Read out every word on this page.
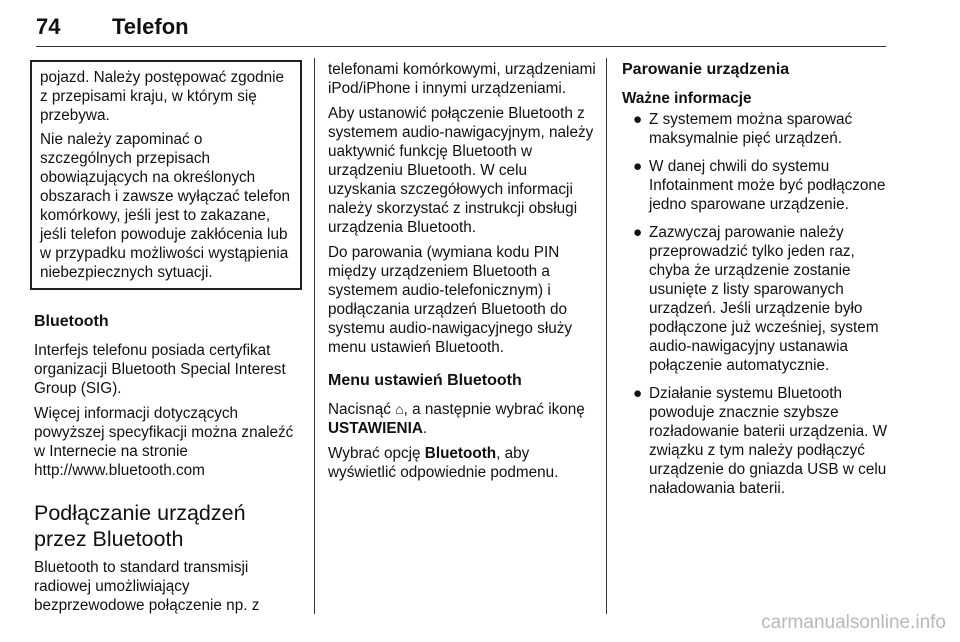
74 Telefon

pojazd. Należy postępować zgodnie z przepisami kraju, w którym się przebywa.

Nie należy zapominać o szczególnych przepisach obowiązujących na określonych obszarach i zawsze wyłączać telefon komórkowy, jeśli jest to zakazane, jeśli telefon powoduje zakłócenia lub w przypadku możliwości wystąpienia niebezpiecznych sytuacji.

Bluetooth

Interfejs telefonu posiada certyfikat organizacji Bluetooth Special Interest Group (SIG).

Więcej informacji dotyczących powyższej specyfikacji można znaleźć w Internecie na stronie http://www.bluetooth.com

Podłączanie urządzeń przez Bluetooth

Bluetooth to standard transmisji radiowej umożliwiający bezprzewodowe połączenie np. z

telefonami komórkowymi, urządzeniami iPod/iPhone i innymi urządzeniami.

Aby ustanowić połączenie Bluetooth z systemem audio-nawigacyjnym, należy uaktywnić funkcję Bluetooth w urządzeniu Bluetooth. W celu uzyskania szczegółowych informacji należy skorzystać z instrukcji obsługi urządzenia Bluetooth.

Do parowania (wymiana kodu PIN między urządzeniem Bluetooth a systemem audio-telefonicznym) i podłączania urządzeń Bluetooth do systemu audio-nawigacyjnego służy menu ustawień Bluetooth.

Menu ustawień Bluetooth

Nacisnąć ⌂, a następnie wybrać ikonę USTAWIENIA.

Wybrać opcję Bluetooth, aby wyświetlić odpowiednie podmenu.

Parowanie urządzenia
Ważne informacje
● Z systemem można sparować maksymalnie pięć urządzeń.
● W danej chwili do systemu Infotainment może być podłączone jedno sparowane urządzenie.
● Zazwyczaj parowanie należy przeprowadzić tylko jeden raz, chyba że urządzenie zostanie usunięte z listy sparowanych urządzeń. Jeśli urządzenie było podłączone już wcześniej, system audio-nawigacyjny ustanawia połączenie automatycznie.
● Działanie systemu Bluetooth powoduje znacznie szybsze rozładowanie baterii urządzenia. W związku z tym należy podłączyć urządzenie do gniazda USB w celu naładowania baterii.
carmanualsonline.info
